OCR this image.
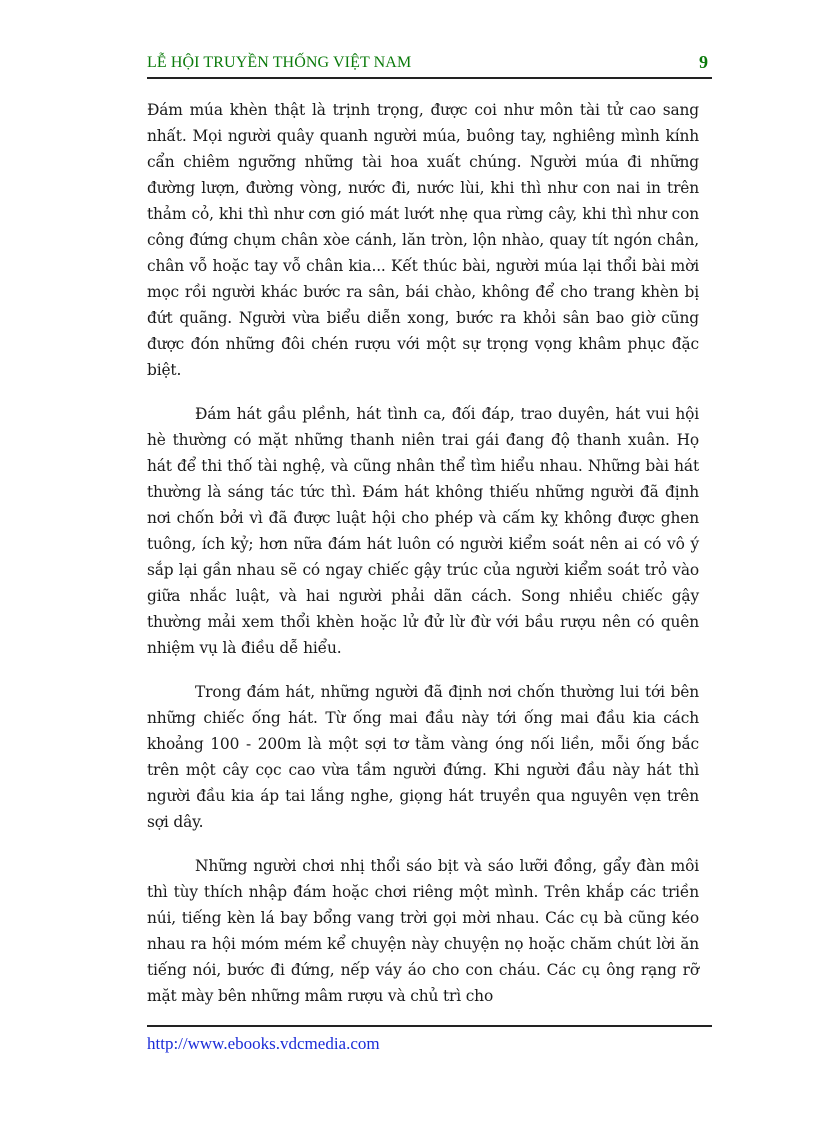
LỄ HỘI TRUYỀN THỐNG VIỆT NAM	9

Đám múa khèn thật là trịnh trọng, được coi như môn tài tử cao sang nhất. Mọi người quây quanh người múa, buông tay, nghiêng mình kính cẩn chiêm ngưỡng những tài hoa xuất chúng. Người múa đi những đường lượn, đường vòng, nước đi, nước lùi, khi thì như con nai in trên thảm cỏ, khi thì như cơn gió mát lướt nhẹ qua rừng cây, khi thì như con công đứng chụm chân xòe cánh, lăn tròn, lộn nhào, quay tít ngón chân, chân vỗ hoặc tay vỗ chân kia... Kết thúc bài, người múa lại thổi bài mời mọc rồi người khác bước ra sân, bái chào, không để cho trang khèn bị đứt quãng. Người vừa biểu diễn xong, bước ra khỏi sân bao giờ cũng được đón những đôi chén rượu với một sự trọng vọng khâm phục đặc biệt.

Đám hát gầu plềnh, hát tình ca, đối đáp, trao duyên, hát vui hội hè thường có mặt những thanh niên trai gái đang độ thanh xuân. Họ hát để thi thố tài nghệ, và cũng nhân thể tìm hiểu nhau. Những bài hát thường là sáng tác tức thì. Đám hát không thiếu những người đã định nơi chốn bởi vì đã được luật hội cho phép và cấm kỵ không được ghen tuông, ích kỷ; hơn nữa đám hát luôn có người kiểm soát nên ai có vô ý sắp lại gần nhau sẽ có ngay chiếc gậy trúc của người kiểm soát trỏ vào giữa nhắc luật, và hai người phải dãn cách. Song nhiều chiếc gậy thường mải xem thổi khèn hoặc lử đử lừ đừ với bầu rượu nên có quên nhiệm vụ là điều dễ hiểu.

Trong đám hát, những người đã định nơi chốn thường lui tới bên những chiếc ống hát. Từ ống mai đầu này tới ống mai đầu kia cách khoảng 100 - 200m là một sợi tơ tằm vàng óng nối liền, mỗi ống bắc trên một cây cọc cao vừa tầm người đứng. Khi người đầu này hát thì người đầu kia áp tai lắng nghe, giọng hát truyền qua nguyên vẹn trên sợi dây.

Những người chơi nhị thổi sáo bịt và sáo lưỡi đồng, gẩy đàn môi thì tùy thích nhập đám hoặc chơi riêng một mình. Trên khắp các triền núi, tiếng kèn lá bay bổng vang trời gọi mời nhau. Các cụ bà cũng kéo nhau ra hội móm mém kể chuyện này chuyện nọ hoặc chăm chút lời ăn tiếng nói, bước đi đứng, nếp váy áo cho con cháu. Các cụ ông rạng rỡ mặt mày bên những mâm rượu và chủ trì cho

http://www.ebooks.vdcmedia.com
